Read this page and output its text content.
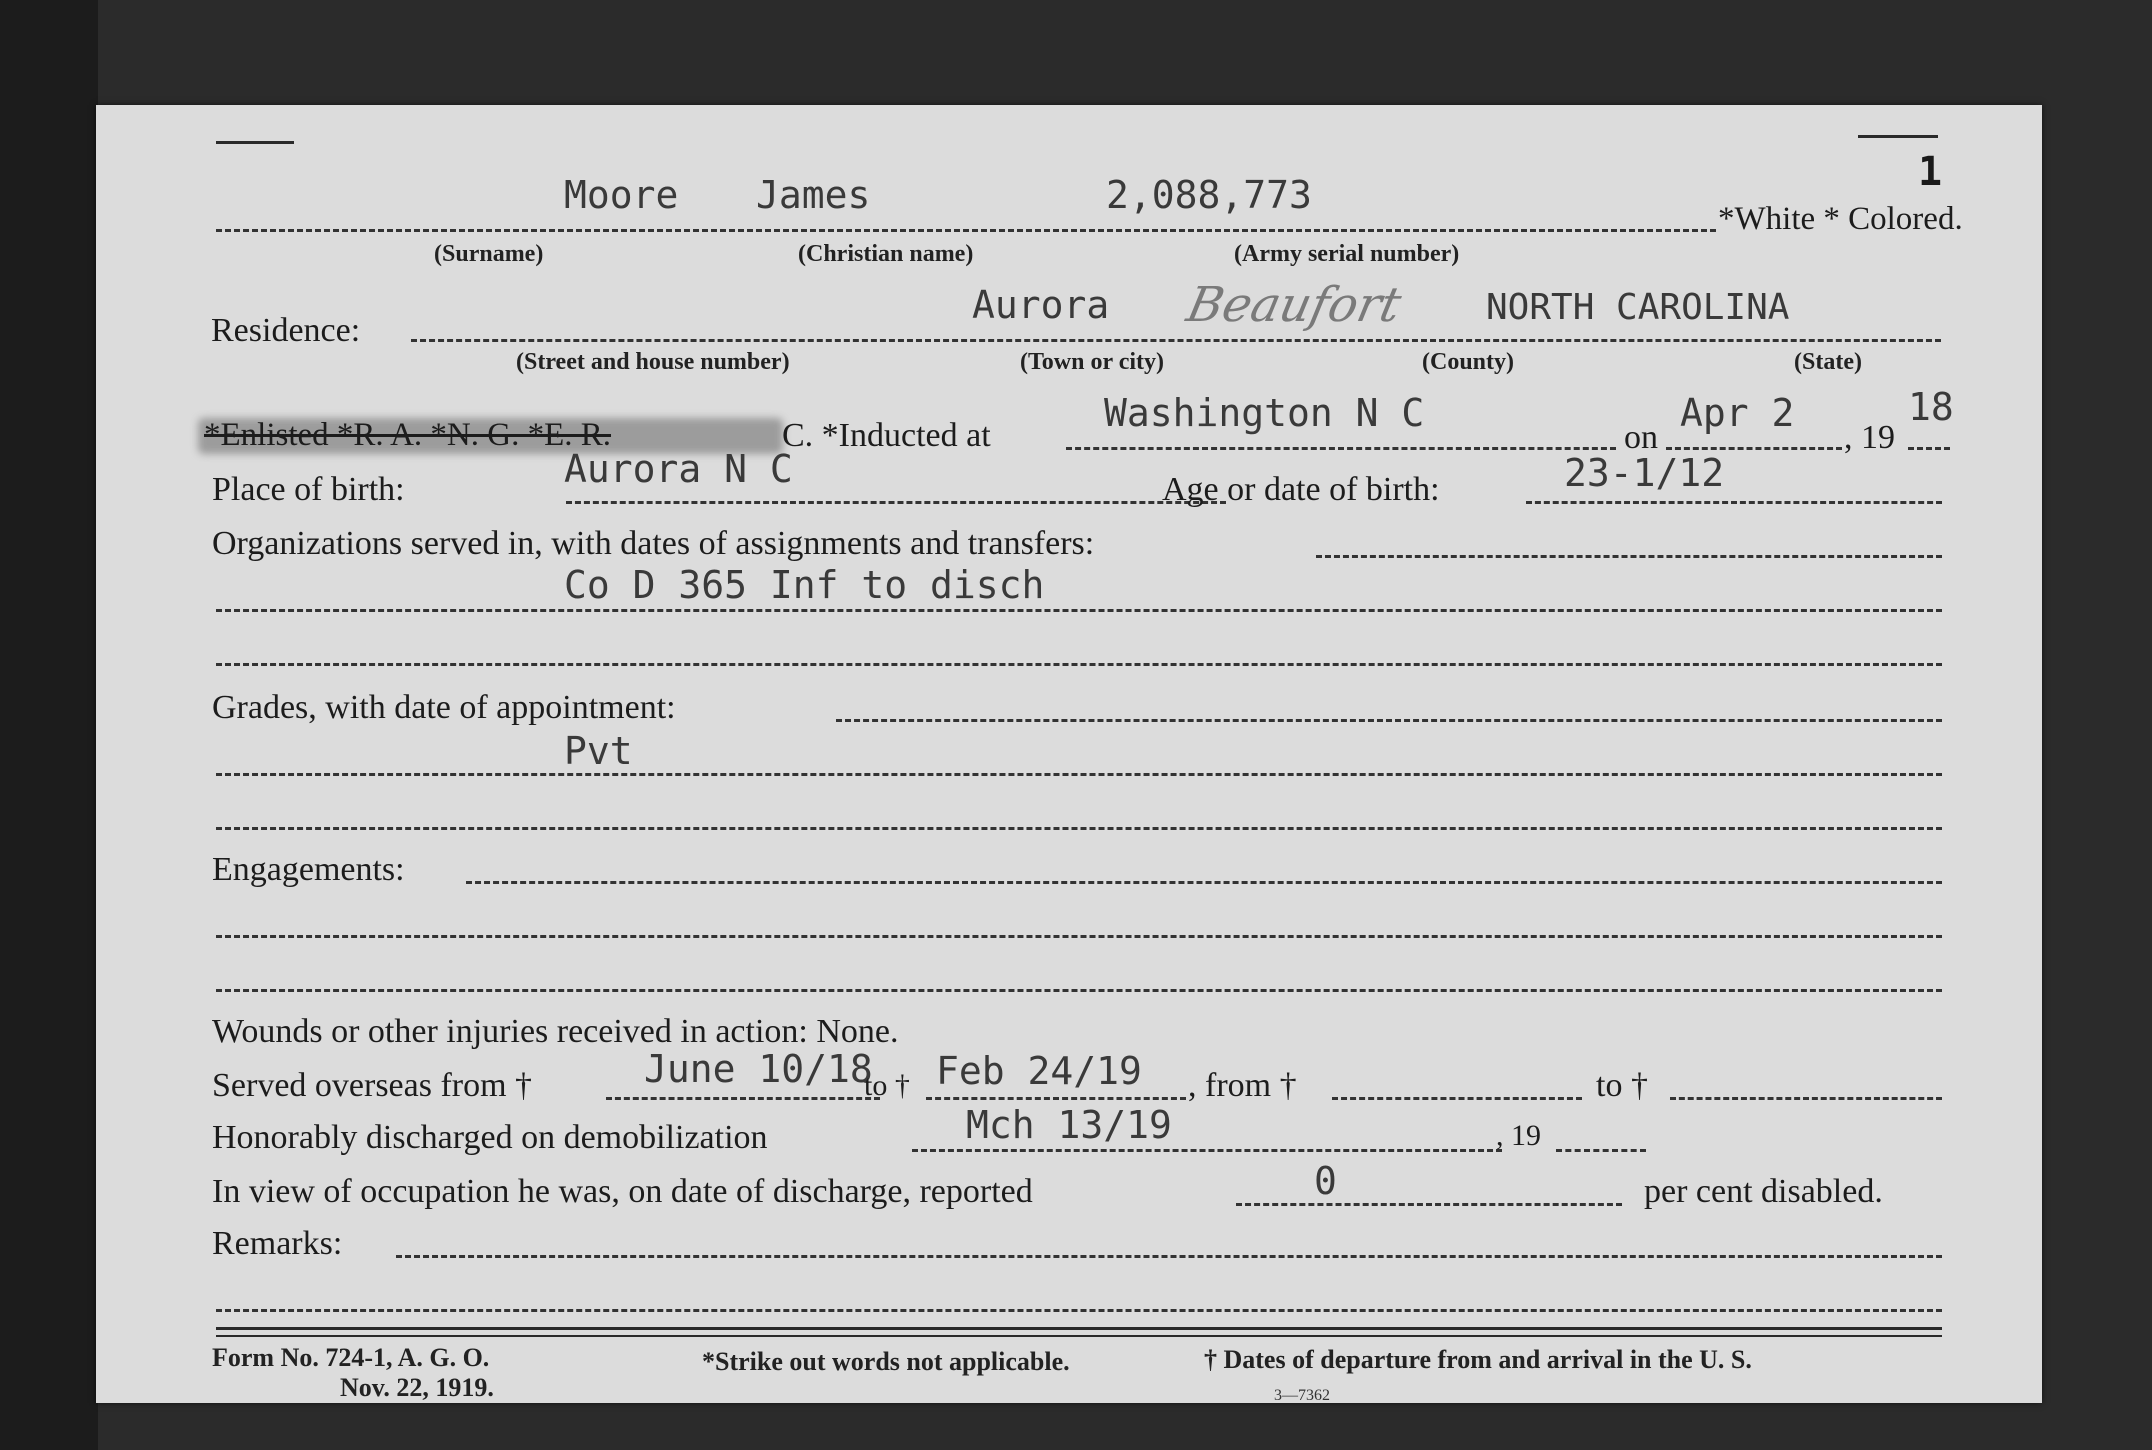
1
Moore James	2,088,773
*White * Colored.
(Surname)	(Christian name)	(Army serial number)
Residence:
Aurora Beaufort NORTH CAROLINA
(Street and house number)	(Town or city)	(County)	(State)
*Enlisted *R. A. *N. G. *E. R.	C. *Inducted at
Washington N C
on
Apr 2
, 19
18
Place of birth:	Aurora N C	Age or date of birth:	23-1/12
Organizations served in, with dates of assignments and transfers:
Co D 365 Inf to disch
Grades, with date of appointment:
Pvt
Engagements:
Wounds or other injuries received in action: None.
Served overseas from †	June 10/18
to † Feb 24/19 , from †	to †
Honorably discharged on demobilization	Mch 13/19	, 19
In view of occupation he was, on date of discharge, reported	0	per cent disabled.
Remarks:
Form No. 724-1, A. G. O.
Nov. 22, 1919.
*Strike out words not applicable.	† Dates of departure from and arrival in the U. S.
3—7362
